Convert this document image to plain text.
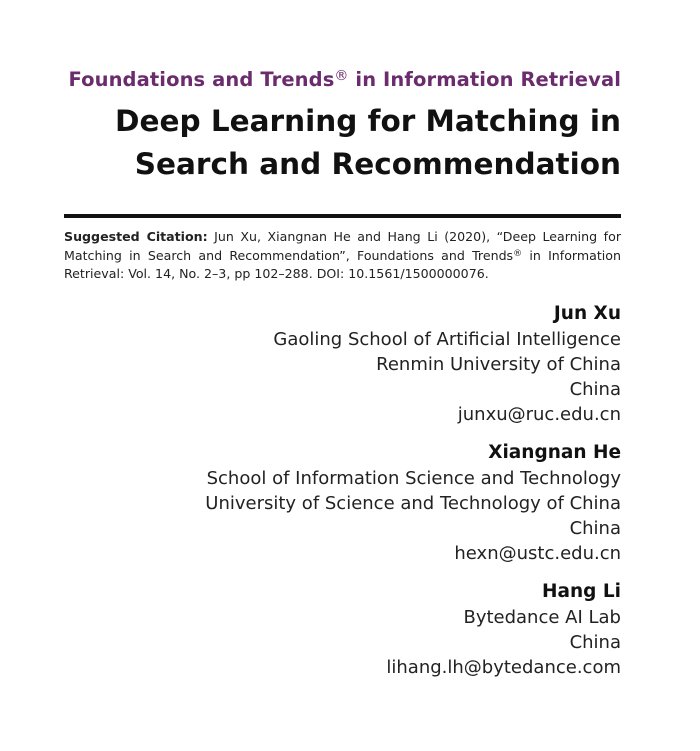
Foundations and Trends® in Information Retrieval
Deep Learning for Matching in
Search and Recommendation
Suggested Citation: Jun Xu, Xiangnan He and Hang Li (2020), “Deep Learning for Matching in Search and Recommendation”, Foundations and Trends® in Information Retrieval: Vol. 14, No. 2–3, pp 102–288. DOI: 10.1561/1500000076.
Jun Xu
Gaoling School of Artificial Intelligence
Renmin University of China
China
junxu@ruc.edu.cn
Xiangnan He
School of Information Science and Technology
University of Science and Technology of China
China
hexn@ustc.edu.cn
Hang Li
Bytedance AI Lab
China
lihang.lh@bytedance.com
